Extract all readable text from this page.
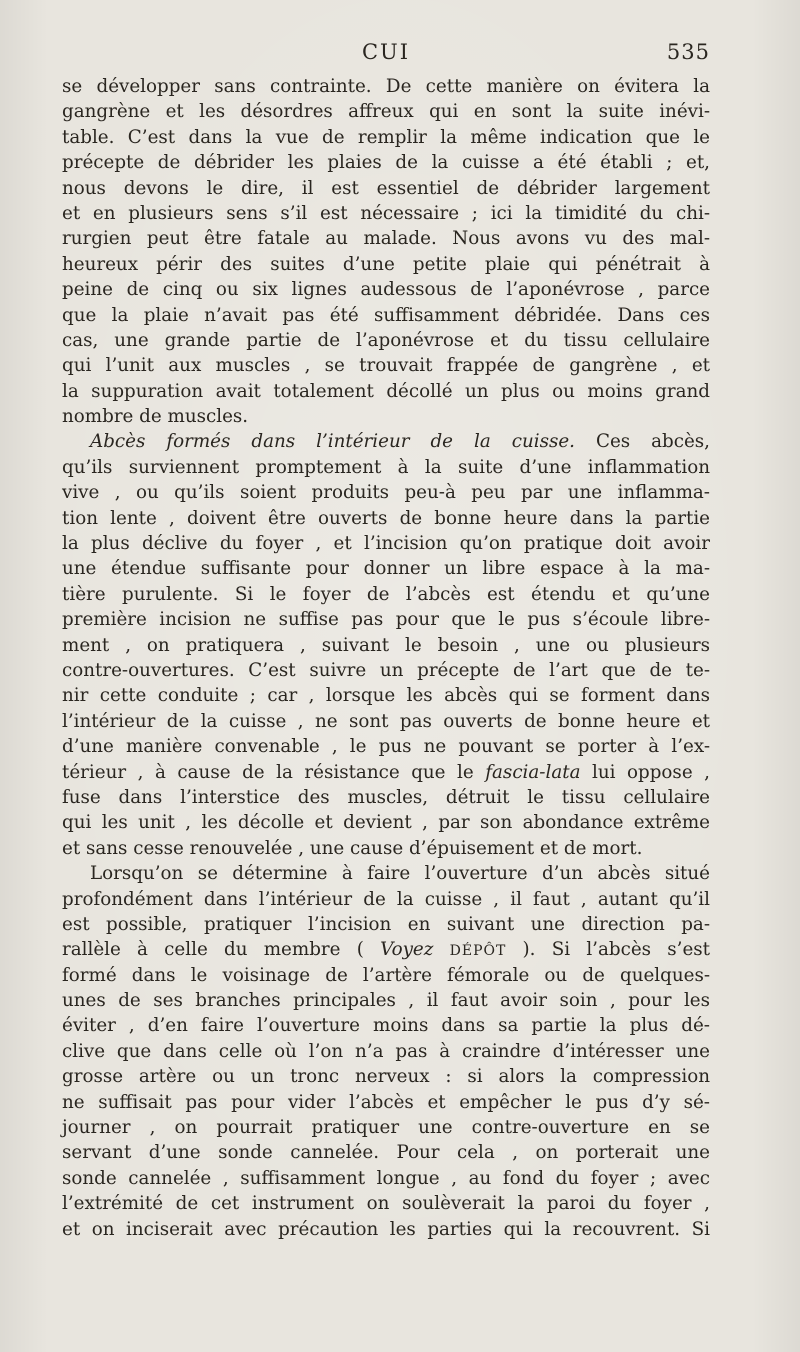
CUI	535
se développer sans contrainte. De cette manière on évitera la
gangrène et les désordres affreux qui en sont la suite inévi-
table. C’est dans la vue de remplir la même indication que le
précepte de débrider les plaies de la cuisse a été établi ; et,
nous devons le dire, il est essentiel de débrider largement
et en plusieurs sens s’il est nécessaire ; ici la timidité du chi-
rurgien peut être fatale au malade. Nous avons vu des mal-
heureux périr des suites d’une petite plaie qui pénétrait à
peine de cinq ou six lignes audessous de l’aponévrose , parce
que la plaie n’avait pas été suffisamment débridée. Dans ces
cas, une grande partie de l’aponévrose et du tissu cellulaire
qui l’unit aux muscles , se trouvait frappée de gangrène , et
la suppuration avait totalement décollé un plus ou moins grand
nombre de muscles.
Abcès formés dans l’intérieur de la cuisse. Ces abcès,
qu’ils surviennent promptement à la suite d’une inflammation
vive , ou qu’ils soient produits peu-à peu par une inflamma-
tion lente , doivent être ouverts de bonne heure dans la partie
la plus déclive du foyer , et l’incision qu’on pratique doit avoir
une étendue suffisante pour donner un libre espace à la ma-
tière purulente. Si le foyer de l’abcès est étendu et qu’une
première incision ne suffise pas pour que le pus s’écoule libre-
ment , on pratiquera , suivant le besoin , une ou plusieurs
contre-ouvertures. C’est suivre un précepte de l’art que de te-
nir cette conduite ; car , lorsque les abcès qui se forment dans
l’intérieur de la cuisse , ne sont pas ouverts de bonne heure et
d’une manière convenable , le pus ne pouvant se porter à l’ex-
térieur , à cause de la résistance que le fascia-lata lui oppose ,
fuse dans l’interstice des muscles, détruit le tissu cellulaire
qui les unit , les décolle et devient , par son abondance extrême
et sans cesse renouvelée , une cause d’épuisement et de mort.
Lorsqu’on se détermine à faire l’ouverture d’un abcès situé
profondément dans l’intérieur de la cuisse , il faut , autant qu’il
est possible, pratiquer l’incision en suivant une direction pa-
rallèle à celle du membre ( Voyez DÉPÔT ). Si l’abcès s’est
formé dans le voisinage de l’artère fémorale ou de quelques-
unes de ses branches principales , il faut avoir soin , pour les
éviter , d’en faire l’ouverture moins dans sa partie la plus dé-
clive que dans celle où l’on n’a pas à craindre d’intéresser une
grosse artère ou un tronc nerveux : si alors la compression
ne suffisait pas pour vider l’abcès et empêcher le pus d’y sé-
journer , on pourrait pratiquer une contre-ouverture en se
servant d’une sonde cannelée. Pour cela , on porterait une
sonde cannelée , suffisamment longue , au fond du foyer ; avec
l’extrémité de cet instrument on soulèverait la paroi du foyer ,
et on inciserait avec précaution les parties qui la recouvrent. Si
